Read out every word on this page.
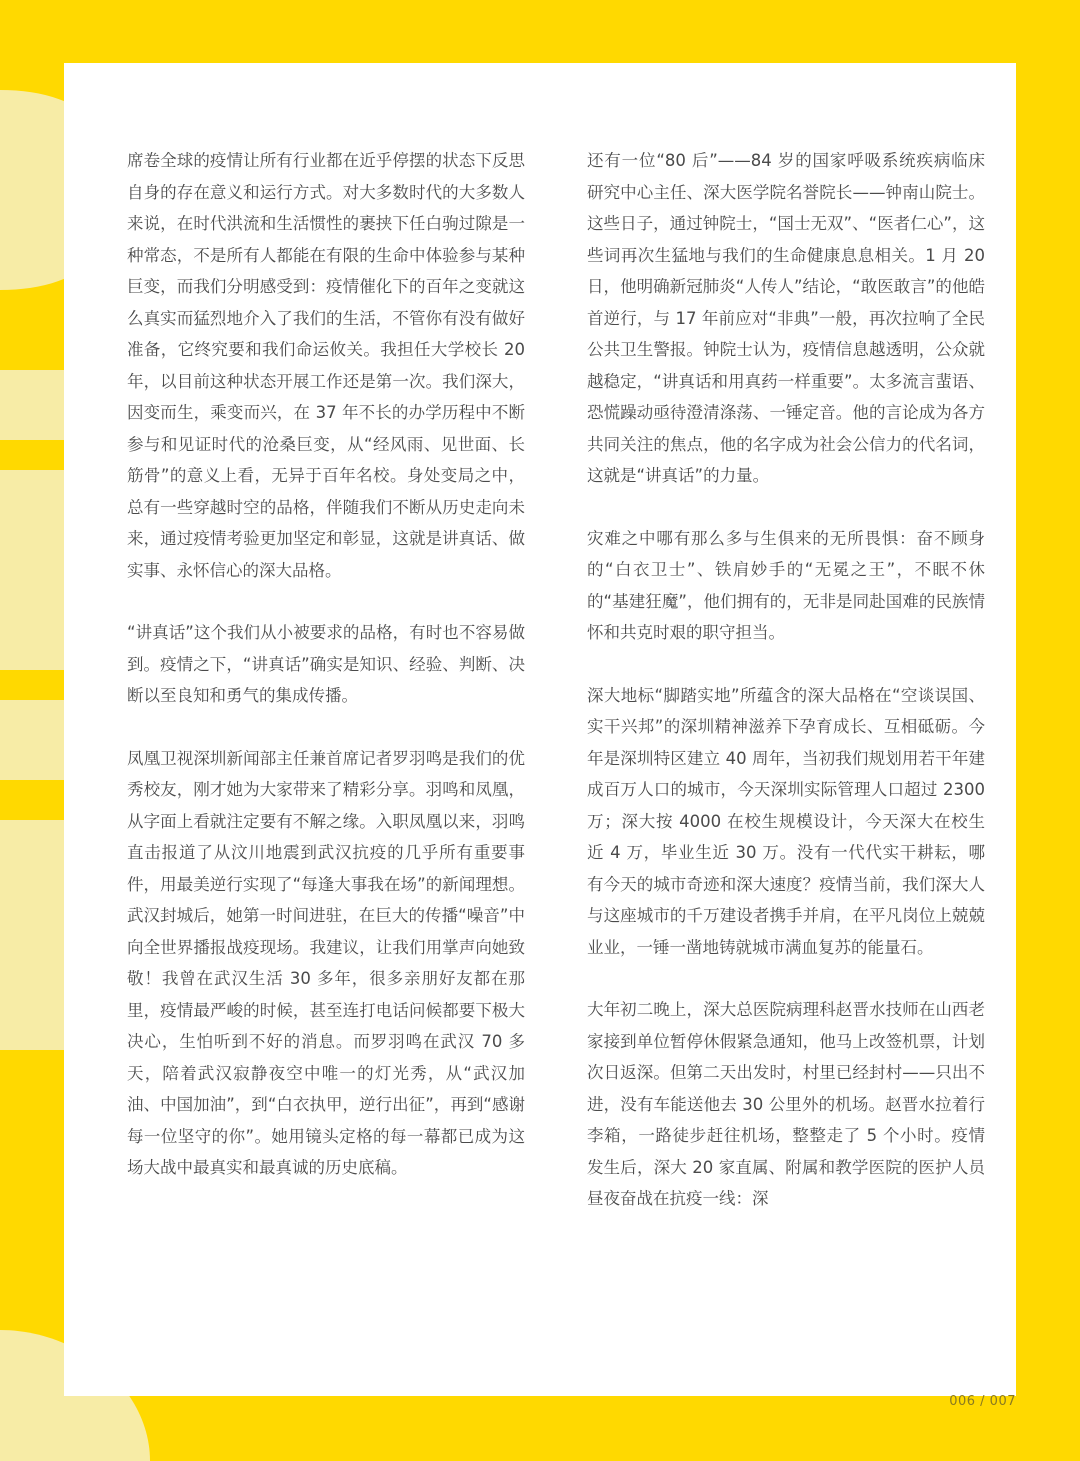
席卷全球的疫情让所有行业都在近乎停摆的状态下反思自身的存在意义和运行方式。对大多数时代的大多数人来说，在时代洪流和生活惯性的裹挟下任白驹过隙是一种常态，不是所有人都能在有限的生命中体验参与某种巨变，而我们分明感受到：疫情催化下的百年之变就这么真实而猛烈地介入了我们的生活，不管你有没有做好准备，它终究要和我们命运攸关。我担任大学校长 20 年，以目前这种状态开展工作还是第一次。我们深大，因变而生，乘变而兴，在 37 年不长的办学历程中不断参与和见证时代的沧桑巨变，从“经风雨、见世面、长筋骨”的意义上看，无异于百年名校。身处变局之中，总有一些穿越时空的品格，伴随我们不断从历史走向未来，通过疫情考验更加坚定和彰显，这就是讲真话、做实事、永怀信心的深大品格。

“讲真话”这个我们从小被要求的品格，有时也不容易做到。疫情之下，“讲真话”确实是知识、经验、判断、决断以至良知和勇气的集成传播。

凤凰卫视深圳新闻部主任兼首席记者罗羽鸣是我们的优秀校友，刚才她为大家带来了精彩分享。羽鸣和凤凰，从字面上看就注定要有不解之缘。入职凤凰以来，羽鸣直击报道了从汶川地震到武汉抗疫的几乎所有重要事件，用最美逆行实现了“每逢大事我在场”的新闻理想。武汉封城后，她第一时间进驻，在巨大的传播“噪音”中向全世界播报战疫现场。我建议，让我们用掌声向她致敬！我曾在武汉生活 30 多年，很多亲朋好友都在那里，疫情最严峻的时候，甚至连打电话问候都要下极大决心，生怕听到不好的消息。而罗羽鸣在武汉 70 多天，陪着武汉寂静夜空中唯一的灯光秀，从“武汉加油、中国加油”，到“白衣执甲，逆行出征”，再到“感谢每一位坚守的你”。她用镜头定格的每一幕都已成为这场大战中最真实和最真诚的历史底稿。

还有一位“80 后”——84 岁的国家呼吸系统疾病临床研究中心主任、深大医学院名誉院长——钟南山院士。这些日子，通过钟院士，“国士无双”、“医者仁心”，这些词再次生猛地与我们的生命健康息息相关。1 月 20 日，他明确新冠肺炎“人传人”结论，“敢医敢言”的他皓首逆行，与 17 年前应对“非典”一般，再次拉响了全民公共卫生警报。钟院士认为，疫情信息越透明，公众就越稳定，“讲真话和用真药一样重要”。太多流言蜚语、恐慌躁动亟待澄清涤荡、一锤定音。他的言论成为各方共同关注的焦点，他的名字成为社会公信力的代名词，这就是“讲真话”的力量。

灾难之中哪有那么多与生俱来的无所畏惧：奋不顾身的“白衣卫士”、铁肩妙手的“无冕之王”，不眠不休的“基建狂魔”，他们拥有的，无非是同赴国难的民族情怀和共克时艰的职守担当。

深大地标“脚踏实地”所蕴含的深大品格在“空谈误国、实干兴邦”的深圳精神滋养下孕育成长、互相砥砺。今年是深圳特区建立 40 周年，当初我们规划用若干年建成百万人口的城市，今天深圳实际管理人口超过 2300 万；深大按 4000 在校生规模设计，今天深大在校生近 4 万，毕业生近 30 万。没有一代代实干耕耘，哪有今天的城市奇迹和深大速度？疫情当前，我们深大人与这座城市的千万建设者携手并肩，在平凡岗位上兢兢业业，一锤一凿地铸就城市满血复苏的能量石。

大年初二晚上，深大总医院病理科赵晋水技师在山西老家接到单位暂停休假紧急通知，他马上改签机票，计划次日返深。但第二天出发时，村里已经封村——只出不进，没有车能送他去 30 公里外的机场。赵晋水拉着行李箱，一路徒步赶往机场，整整走了 5 个小时。疫情发生后，深大 20 家直属、附属和教学医院的医护人员昼夜奋战在抗疫一线：深

006 / 007
